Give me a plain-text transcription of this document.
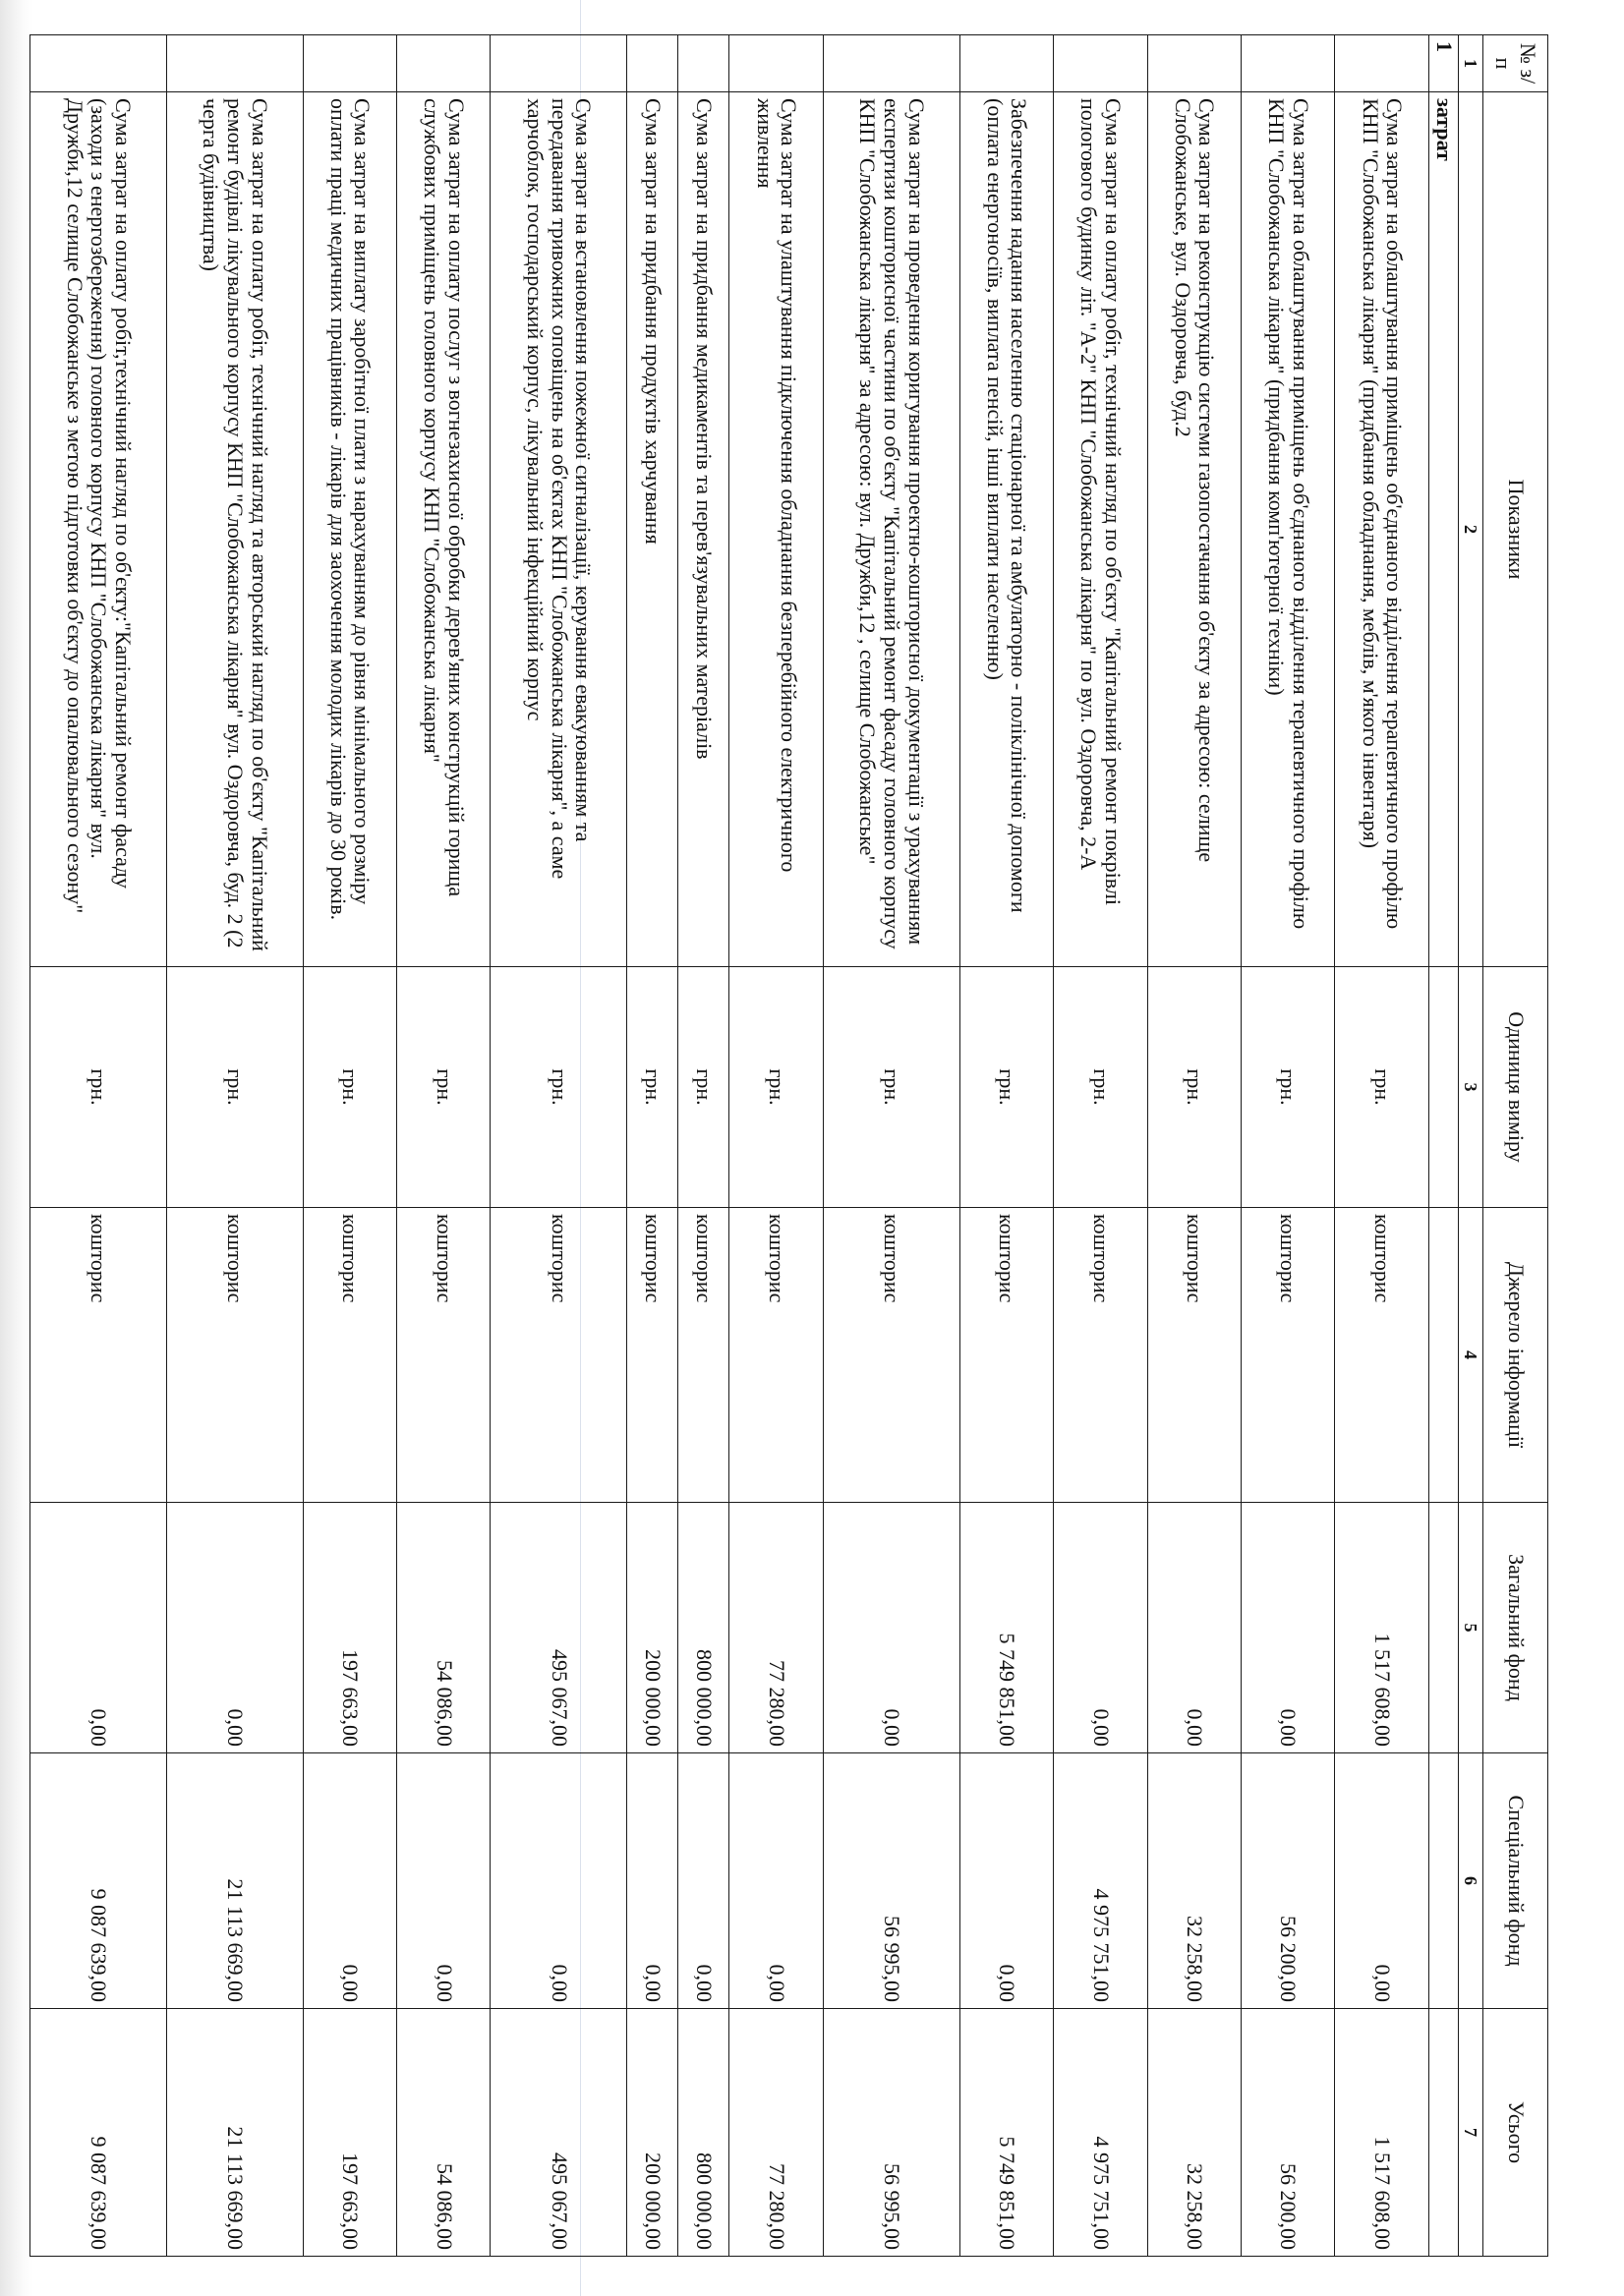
№ з/п	Показники	Одиниця виміру	Джерело інформації	Загальний фонд	Спеціальний фонд	Усього
1	2	3	4	5	6	7
1	затрат					
	Сума затрат на облаштування приміщень об'єднаного відділення терапевтичного профілю КНП "Слобожанська лікарня" (придбання обладнання, меблів, м'якого інвентаря)	грн.	кошторис	1 517 608,00	0,00	1 517 608,00
	Сума затрат на облаштування приміщень об'єднаного відділення терапевтичного профілю КНП "Слобожанська лікарня" (придбання комп'ютерної техніки)	грн.	кошторис	0,00	56 200,00	56 200,00
	Сума затрат на реконструкцію системи газопостачання об'єкту за адресою: селище Слобожанське, вул. Оздоровча, буд.2	грн.	кошторис	0,00	32 258,00	32 258,00
	Сума затрат на оплату робіт, технічний нагляд по об'єкту "Капітальний ремонт покрівлі пологового будинку літ. "А-2" КНП "Слобожанська лікарня" по вул. Оздоровча, 2-А	грн.	кошторис	0,00	4 975 751,00	4 975 751,00
	Забезпечення надання населенню стаціонарної та амбулаторно - поліклінічної допомоги (оплата енергоносіїв, виплата пенсій, інші виплати населенню)	грн.	кошторис	5 749 851,00	0,00	5 749 851,00
	Сума затрат на проведення коригування проектно-кошторисної документації з урахуванням експертизи кошторисної частини по об'єкту "Капітальний ремонт фасаду головного корпусу КНП "Слобожанська лікарня" за адресою: вул. Дружби,12 , селище Слобожанське"	грн.	кошторис	0,00	56 995,00	56 995,00
	Сума затрат на улаштування підключення обладнання безперебійного електричного живлення	грн.	кошторис	77 280,00	0,00	77 280,00
	Сума затрат на придбання медикаментів та перев'язувальних матеріалів	грн.	кошторис	800 000,00	0,00	800 000,00
	Сума затрат на придбання продуктів харчування	грн.	кошторис	200 000,00	0,00	200 000,00
	Сума затрат на встановлення пожежної сигналізації, керування евакуюванням та передавання тривожних оповіщень на об'єктах КНП "Слобожанська лікарня", а саме харчоблок, господарський корпус, лікувальний інфекційний корпус	грн.	кошторис	495 067,00	0,00	495 067,00
	Сума затрат на оплату послуг з вогнезахисної обробки дерев'яних конструкцій горища службових приміщень головного корпусу КНП "Слобожанська лікарня"	грн.	кошторис	54 086,00	0,00	54 086,00
	Сума затрат на виплату заробітної плати з нарахуванням до рівня мінімального розміру оплати праці медичних працівників - лікарів для заохочення молодих лікарів до 30 років.	грн.	кошторис	197 663,00	0,00	197 663,00
	Сума затрат на оплату робіт, технічний нагляд та авторський нагляд по об'єкту "Капітальний ремонт будівлі лікувального корпусу КНП "Слобожанська лікарня" вул. Оздоровча, буд. 2 (2 черга будівництва)	грн.	кошторис	0,00	21 113 669,00	21 113 669,00
	Сума затрат на оплату робіт,технічний нагляд по об'єкту:"Капітальний ремонт фасаду (заходи з енергозбереження) головного корпусу КНП "Слобожанська лікарня" вул. Дружби,12 селище Слобожанське з метою підготовки об'єкту до опалювального сезону"	грн.	кошторис	0,00	9 087 639,00	9 087 639,00
